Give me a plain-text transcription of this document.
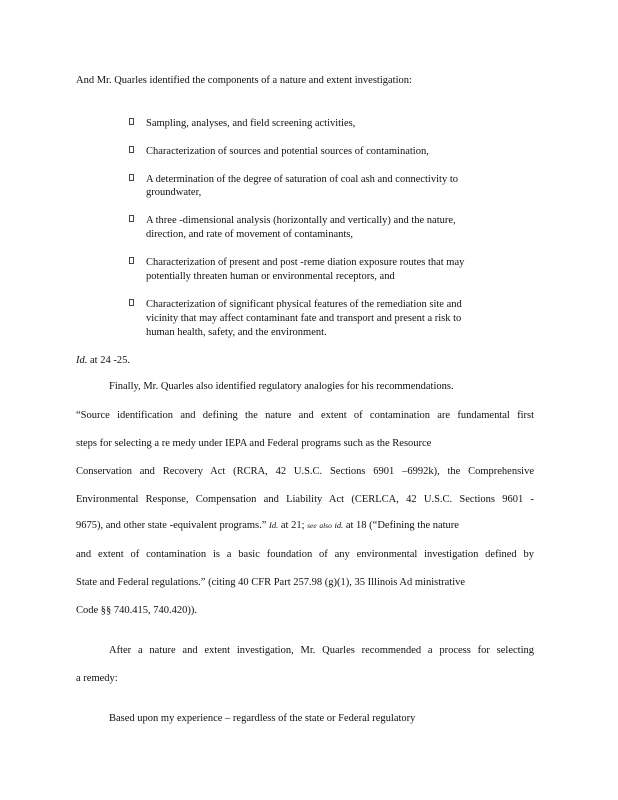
And Mr. Quarles identified the components of a nature and extent investigation:
Sampling, analyses, and field screening activities,
Characterization of sources and potential sources of contamination,
A determination of the degree of saturation of coal ash and connectivity to
groundwater,
A three -dimensional analysis (horizontally and vertically) and the nature,
direction, and rate of movement of contaminants,
Characterization of present and post -reme diation exposure routes that may
potentially threaten human or environmental receptors, and
Characterization of significant physical features of the remediation site and
vicinity that may affect contaminant fate and transport and present a risk to
human health, safety, and the environment.
Id. at 24 -25.
Finally, Mr. Quarles also identified regulatory analogies for his recommendations.
“Source identification and defining the nature and extent of contamination are fundamental first
steps for selecting a re medy under IEPA and Federal programs such as the Resource
Conservation and Recovery Act (RCRA, 42 U.S.C. Sections 6901 –6992k), the Comprehensive
Environmental Response, Compensation and Liability Act (CERLCA, 42 U.S.C. Sections 9601 -
9675), and other state -equivalent programs.” Id. at 21; see also id. at 18 (“Defining the nature
and extent of contamination is a basic foundation of any environmental investigation defined by
State and Federal regulations.” (citing 40 CFR Part 257.98 (g)(1), 35 Illinois Ad ministrative
Code §§ 740.415, 740.420)).
After a nature and extent investigation, Mr. Quarles recommended a process for selecting
a remedy:
Based upon my experience – regardless of the state or Federal regulatory
